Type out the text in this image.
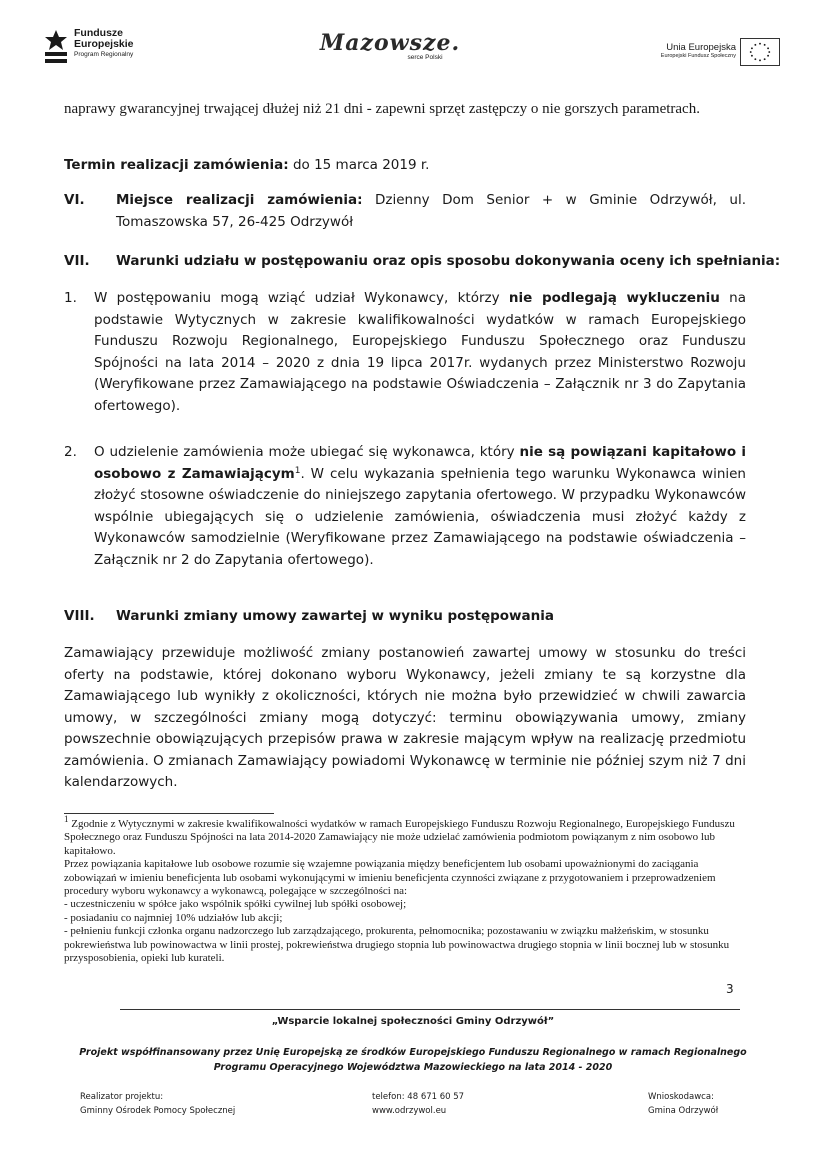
Fundusze
Europejskie
Program Regionalny	Mazowsze.
serce Polski
Unia Europejska
Europejski Fundusz Społeczny
naprawy gwarancyjnej trwającej dłużej niż 21 dni - zapewni sprzęt zastępczy o nie gorszych parametrach.
Termin realizacji zamówienia: do 15 marca 2019 r.
VI.	Miejsce realizacji zamówienia: Dzienny Dom Senior + w Gminie Odrzywół, ul. Tomaszowska 57, 26-425 Odrzywół
VII.	Warunki udziału w postępowaniu oraz opis sposobu dokonywania oceny ich spełniania:
1.	W postępowaniu mogą wziąć udział Wykonawcy, którzy nie podlegają wykluczeniu na podstawie Wytycznych w zakresie kwalifikowalności wydatków w ramach Europejskiego Funduszu Rozwoju Regionalnego, Europejskiego Funduszu Społecznego oraz Funduszu Spójności na lata 2014 – 2020 z dnia 19 lipca 2017r. wydanych przez Ministerstwo Rozwoju (Weryfikowane przez Zamawiającego na podstawie Oświadczenia – Załącznik nr 3 do Zapytania ofertowego).
2.	O udzielenie zamówienia może ubiegać się wykonawca, który nie są powiązani kapitałowo i osobowo z Zamawiającym$^1$. W celu wykazania spełnienia tego warunku Wykonawca winien złożyć stosowne oświadczenie do niniejszego zapytania ofertowego. W przypadku Wykonawców wspólnie ubiegających się o udzielenie zamówienia, oświadczenia musi złożyć każdy z Wykonawców samodzielnie (Weryfikowane przez Zamawiającego na podstawie oświadczenia – Załącznik nr 2 do Zapytania ofertowego).
VIII.	Warunki zmiany umowy zawartej w wyniku postępowania
Zamawiający przewiduje możliwość zmiany postanowień zawartej umowy w stosunku do treści oferty na podstawie, której dokonano wyboru Wykonawcy, jeżeli zmiany te są korzystne dla Zamawiającego lub wynikły z okoliczności, których nie można było przewidzieć w chwili zawarcia umowy, w szczególności zmiany mogą dotyczyć: terminu obowiązywania umowy, zmiany powszechnie obowiązujących przepisów prawa w zakresie mającym wpływ na realizację przedmiotu zamówienia. O zmianach Zamawiający powiadomi Wykonawcę w terminie nie później szym niż 7 dni kalendarzowych.

$^1$ Zgodnie z Wytycznymi w zakresie kwalifikowalności wydatków w ramach Europejskiego Funduszu Rozwoju Regionalnego, Europejskiego Funduszu Społecznego oraz Funduszu Spójności na lata 2014-2020 Zamawiający nie może udzielać zamówienia podmiotom powiązanym z nim osobowo lub kapitałowo.

Przez powiązania kapitałowe lub osobowe rozumie się wzajemne powiązania między beneficjentem lub osobami upoważnionymi do zaciągania zobowiązań w imieniu beneficjenta lub osobami wykonującymi w imieniu beneficjenta czynności związane z przygotowaniem i przeprowadzeniem procedury wyboru wykonawcy a wykonawcą, polegające w szczególności na:

- uczestniczeniu w spółce jako wspólnik spółki cywilnej lub spółki osobowej;

- posiadaniu co najmniej 10% udziałów lub akcji;

- pełnieniu funkcji członka organu nadzorczego lub zarządzającego, prokurenta, pełnomocnika; pozostawaniu w związku małżeńskim, w stosunku pokrewieństwa lub powinowactwa w linii prostej, pokrewieństwa drugiego stopnia lub powinowactwa drugiego stopnia w linii bocznej lub w stosunku przysposobienia, opieki lub kurateli.

3
„Wsparcie lokalnej społeczności Gminy Odrzywół”
Projekt współfinansowany przez Unię Europejską ze środków Europejskiego Funduszu Regionalnego w ramach Regionalnego Programu Operacyjnego Województwa Mazowieckiego na lata 2014 - 2020
Realizator projektu:
Gminny Ośrodek Pomocy Społecznej
telefon: 48 671 60 57
www.odrzywol.eu
Wnioskodawca:
Gmina Odrzywół
